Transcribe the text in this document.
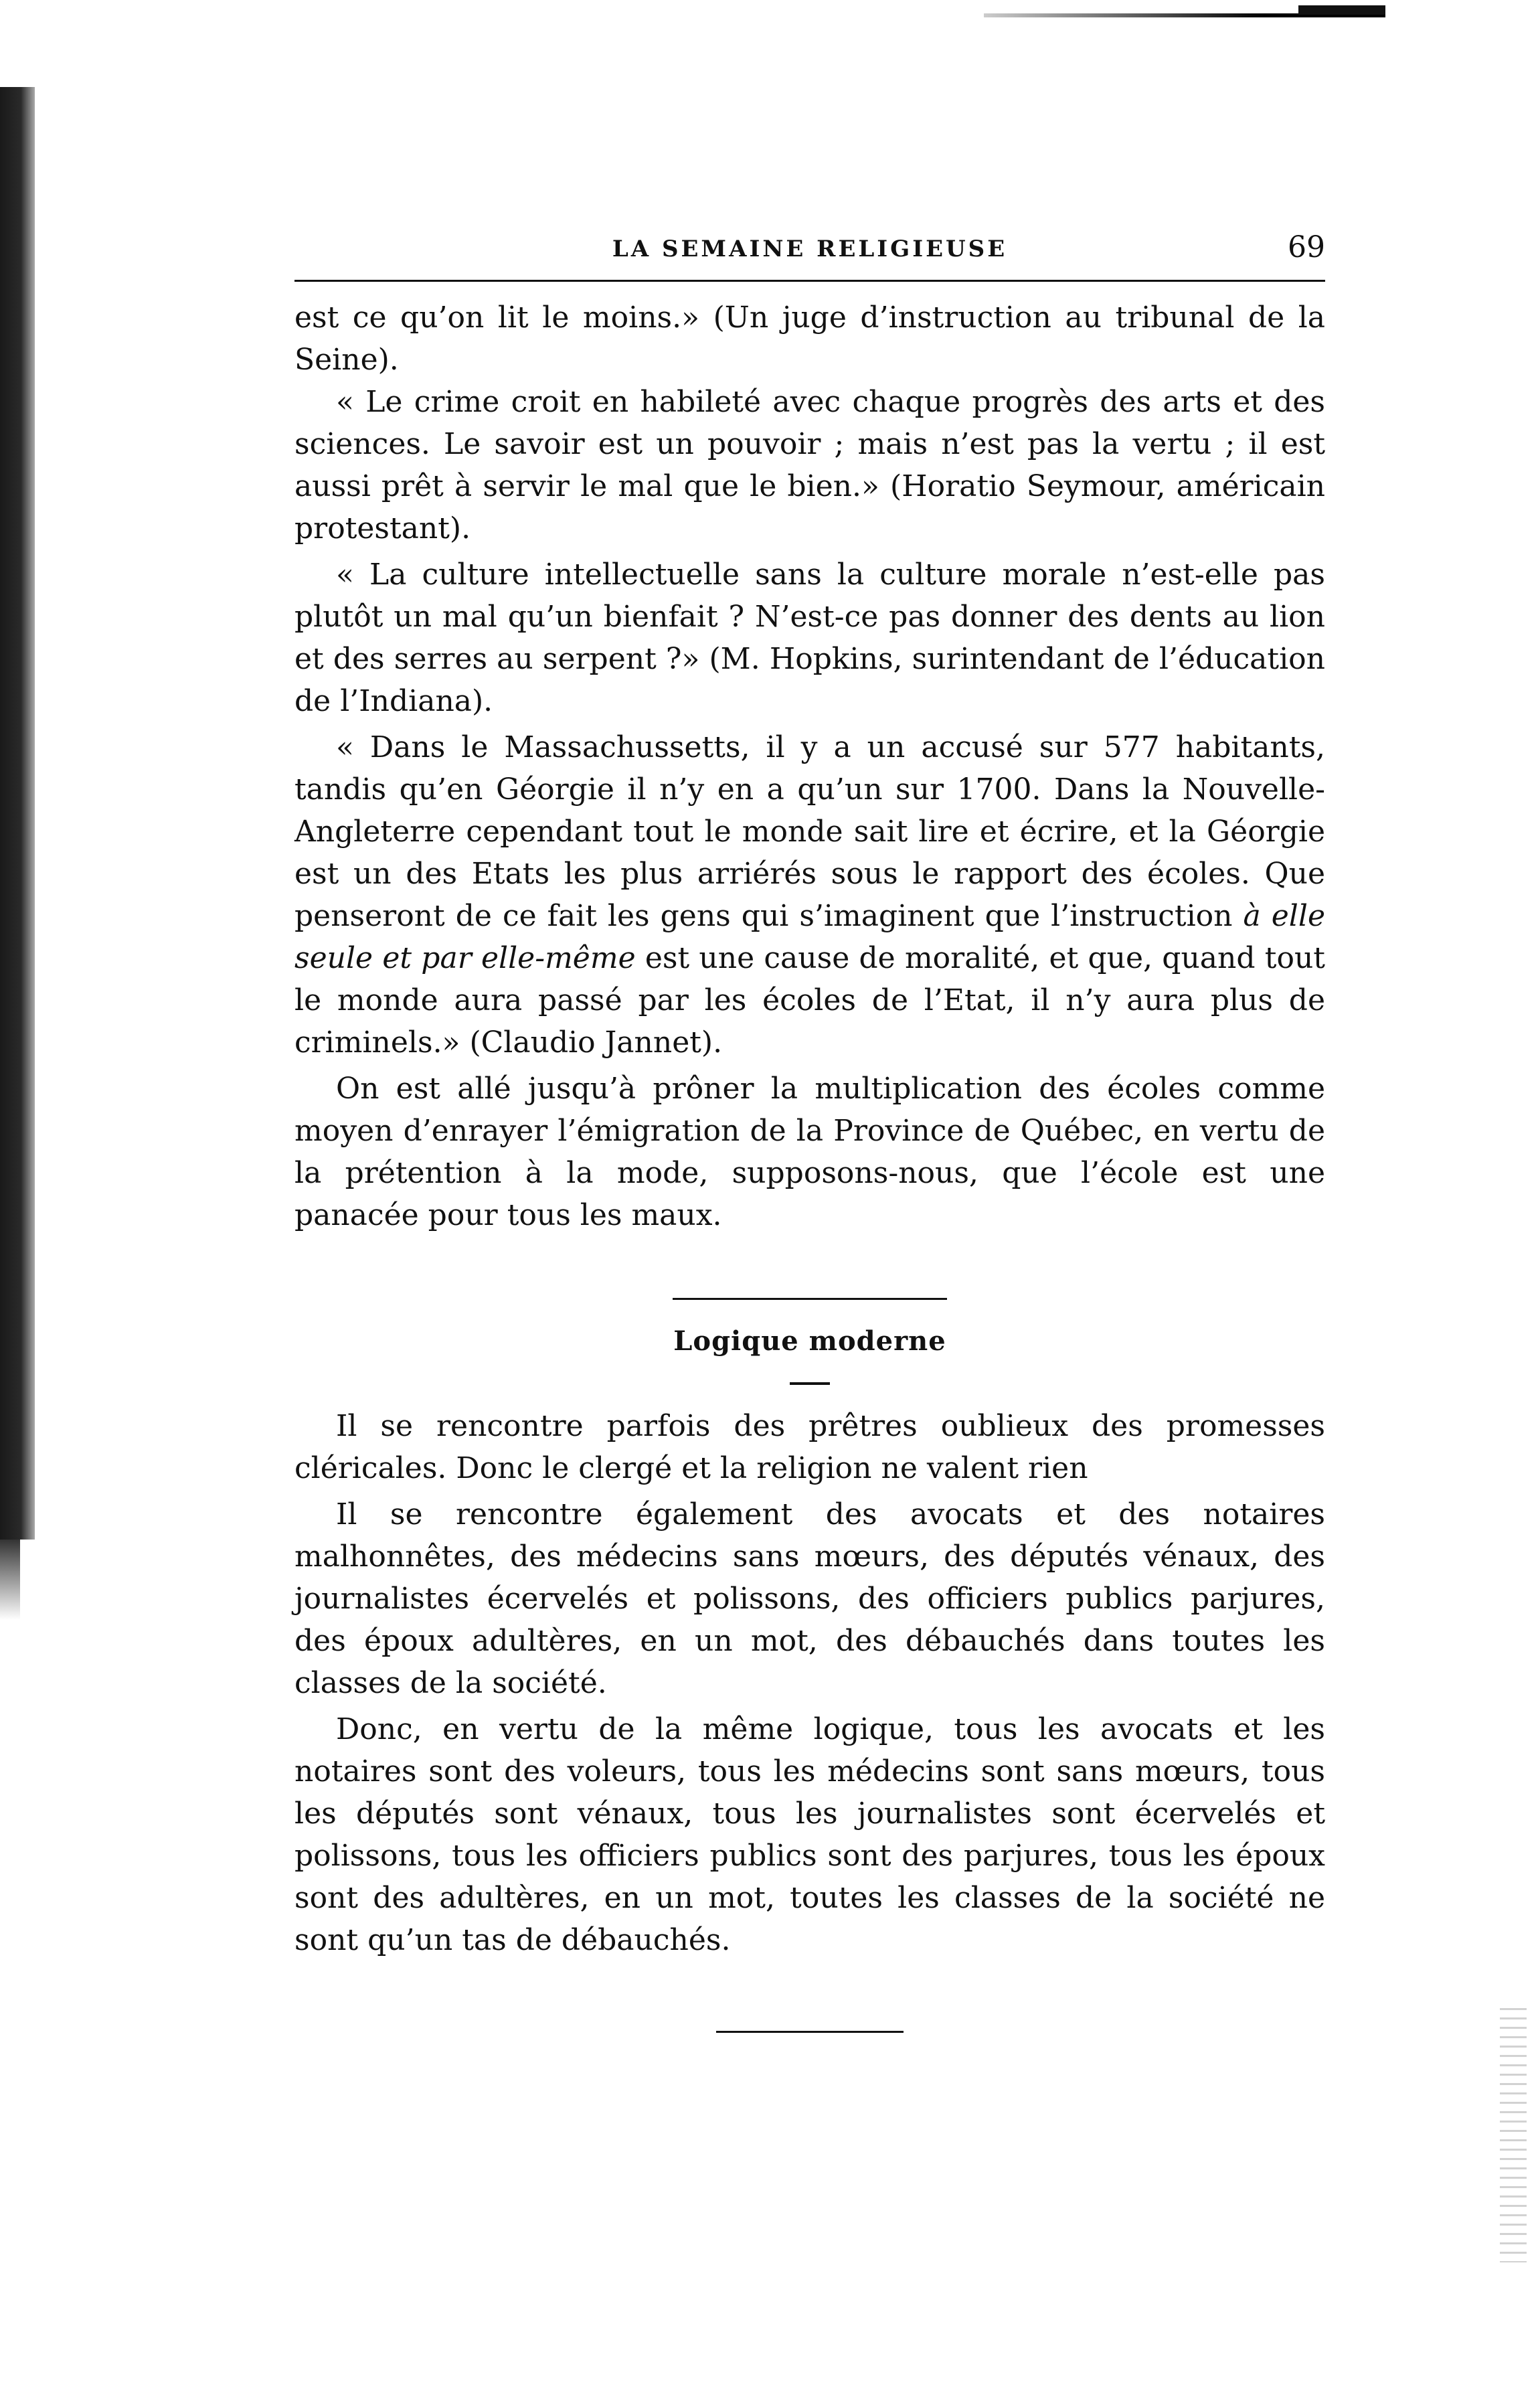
LA SEMAINE RELIGIEUSE	69

est ce qu’on lit le moins.» (Un juge d’instruction au tribunal de la Seine).

« Le crime croit en habileté avec chaque progrès des arts et des sciences. Le savoir est un pouvoir ; mais n’est pas la vertu ; il est aussi prêt à servir le mal que le bien.» (Horatio Seymour, américain protestant).

« La culture intellectuelle sans la culture morale n’est-elle pas plutôt un mal qu’un bienfait ? N’est-ce pas donner des dents au lion et des serres au serpent ?» (M. Hopkins, surintendant de l’éducation de l’Indiana).

« Dans le Massachussetts, il y a un accusé sur 577 habitants, tandis qu’en Géorgie il n’y en a qu’un sur 1700. Dans la Nouvelle-Angleterre cependant tout le monde sait lire et écrire, et la Géorgie est un des Etats les plus arriérés sous le rapport des écoles. Que penseront de ce fait les gens qui s’imaginent que l’instruction à elle seule et par elle-même est une cause de moralité, et que, quand tout le monde aura passé par les écoles de l’Etat, il n’y aura plus de criminels.» (Claudio Jannet).

On est allé jusqu’à prôner la multiplication des écoles comme moyen d’enrayer l’émigration de la Province de Québec, en vertu de la prétention à la mode, supposons-nous, que l’école est une panacée pour tous les maux.

Logique moderne

Il se rencontre parfois des prêtres oublieux des promesses cléricales. Donc le clergé et la religion ne valent rien

Il se rencontre également des avocats et des notaires malhonnêtes, des médecins sans mœurs, des députés vénaux, des journalistes écervelés et polissons, des officiers publics parjures, des époux adultères, en un mot, des débauchés dans toutes les classes de la société.

Donc, en vertu de la même logique, tous les avocats et les notaires sont des voleurs, tous les médecins sont sans mœurs, tous les députés sont vénaux, tous les journalistes sont écervelés et polissons, tous les officiers publics sont des parjures, tous les époux sont des adultères, en un mot, toutes les classes de la société ne sont qu’un tas de débauchés.
